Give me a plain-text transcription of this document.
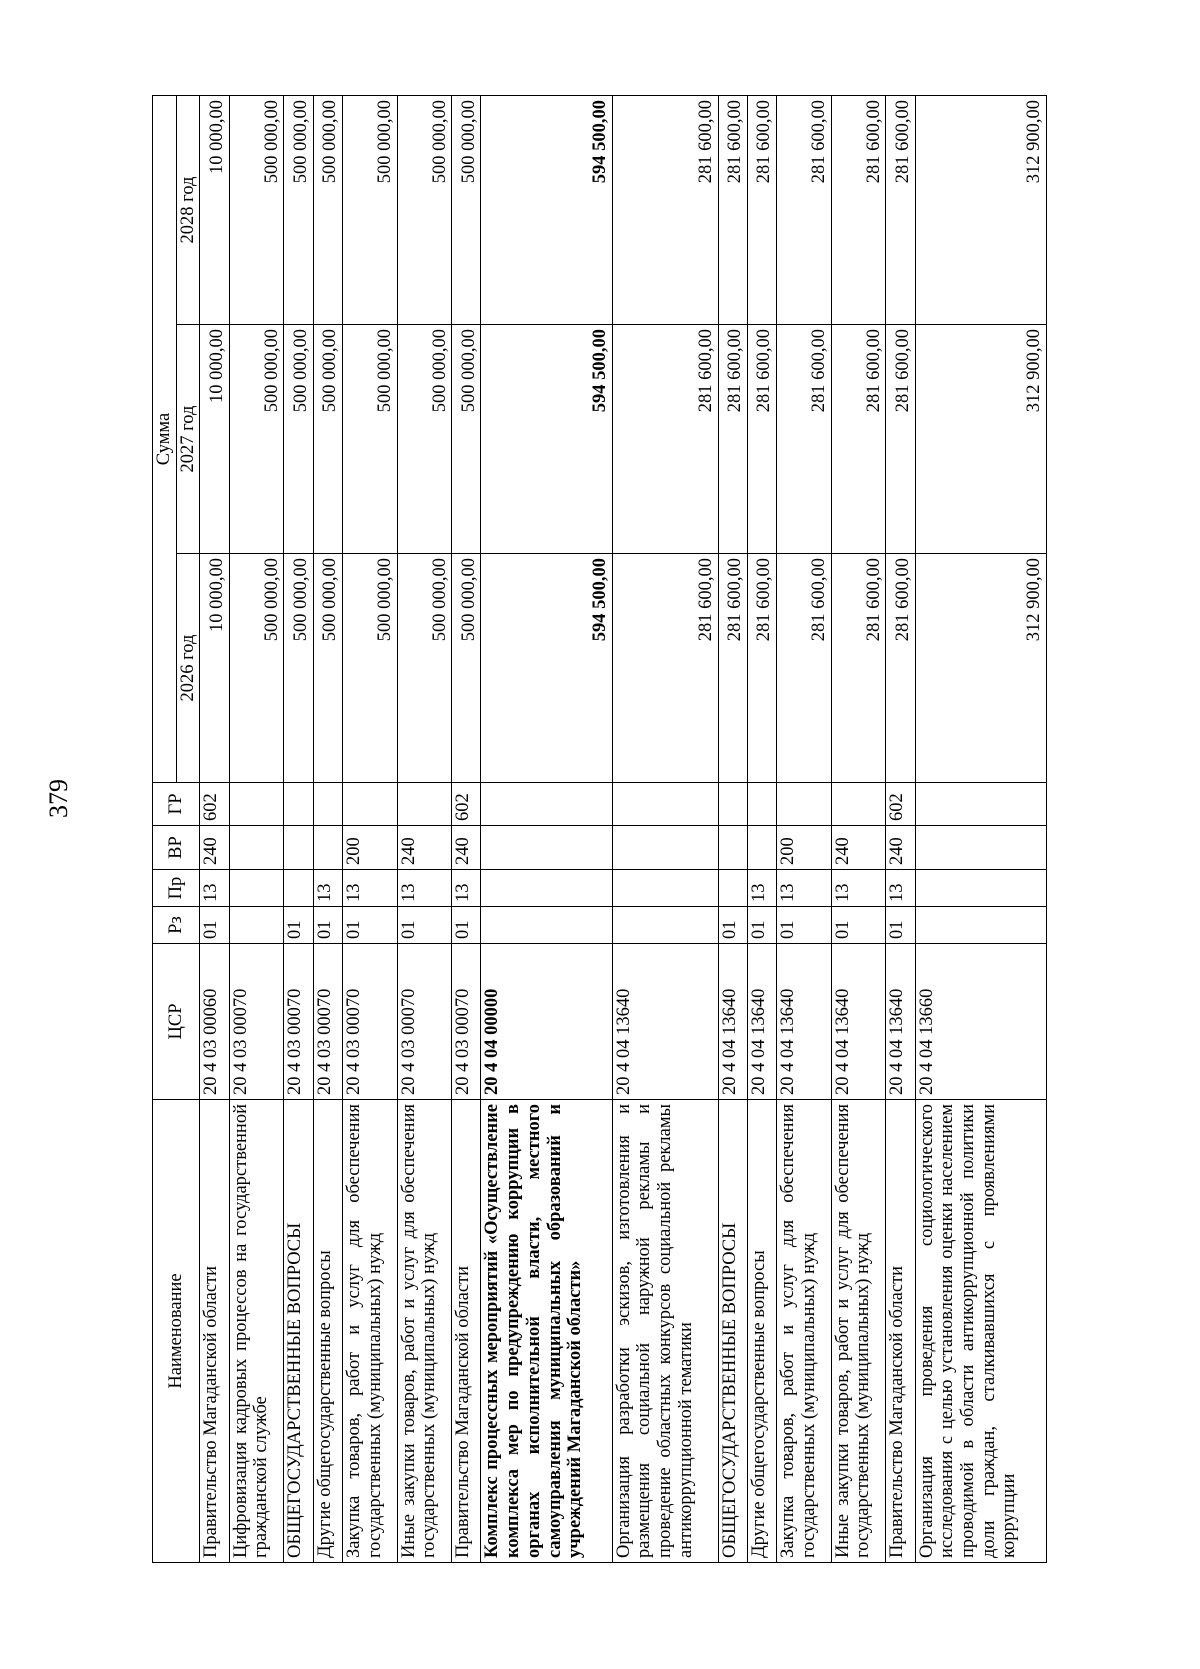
379
Наименование	ЦСР	Рз	Пр	ВР	ГР	Сумма		
						2026 год	2027 год	2028 год
Правительство Магаданской области	20 4 03 00060	01	13	240	602	10 000,00	10 000,00	10 000,00
Цифровизация кадровых процессов на государственной гражданской службе	20 4 03 00070					500 000,00	500 000,00	500 000,00
ОБЩЕГОСУДАРСТВЕННЫЕ ВОПРОСЫ	20 4 03 00070	01				500 000,00	500 000,00	500 000,00
Другие общегосударственные вопросы	20 4 03 00070	01	13			500 000,00	500 000,00	500 000,00
Закупка товаров, работ и услуг для обеспечения государственных (муниципальных) нужд	20 4 03 00070	01	13	200		500 000,00	500 000,00	500 000,00
Иные закупки товаров, работ и услуг для обеспечения государственных (муниципальных) нужд	20 4 03 00070	01	13	240		500 000,00	500 000,00	500 000,00
Правительство Магаданской области	20 4 03 00070	01	13	240	602	500 000,00	500 000,00	500 000,00
Комплекс процессных мероприятий «Осуществление комплекса мер по предупреждению коррупции в органах исполнительной власти, местного самоуправления муниципальных образований и учреждений Магаданской области»	20 4 04 00000					594 500,00	594 500,00	594 500,00
Организация разработки эскизов, изготовления и размещения социальной наружной рекламы и проведение областных конкурсов социальной рекламы антикоррупционной тематики	20 4 04 13640					281 600,00	281 600,00	281 600,00
ОБЩЕГОСУДАРСТВЕННЫЕ ВОПРОСЫ	20 4 04 13640	01				281 600,00	281 600,00	281 600,00
Другие общегосударственные вопросы	20 4 04 13640	01	13			281 600,00	281 600,00	281 600,00
Закупка товаров, работ и услуг для обеспечения государственных (муниципальных) нужд	20 4 04 13640	01	13	200		281 600,00	281 600,00	281 600,00
Иные закупки товаров, работ и услуг для обеспечения государственных (муниципальных) нужд	20 4 04 13640	01	13	240		281 600,00	281 600,00	281 600,00
Правительство Магаданской области	20 4 04 13640	01	13	240	602	281 600,00	281 600,00	281 600,00
Организация проведения социологического исследования с целью установления оценки населением проводимой в области антикоррупционной политики доли граждан, сталкивавшихся с проявлениями коррупции	20 4 04 13660					312 900,00	312 900,00	312 900,00
